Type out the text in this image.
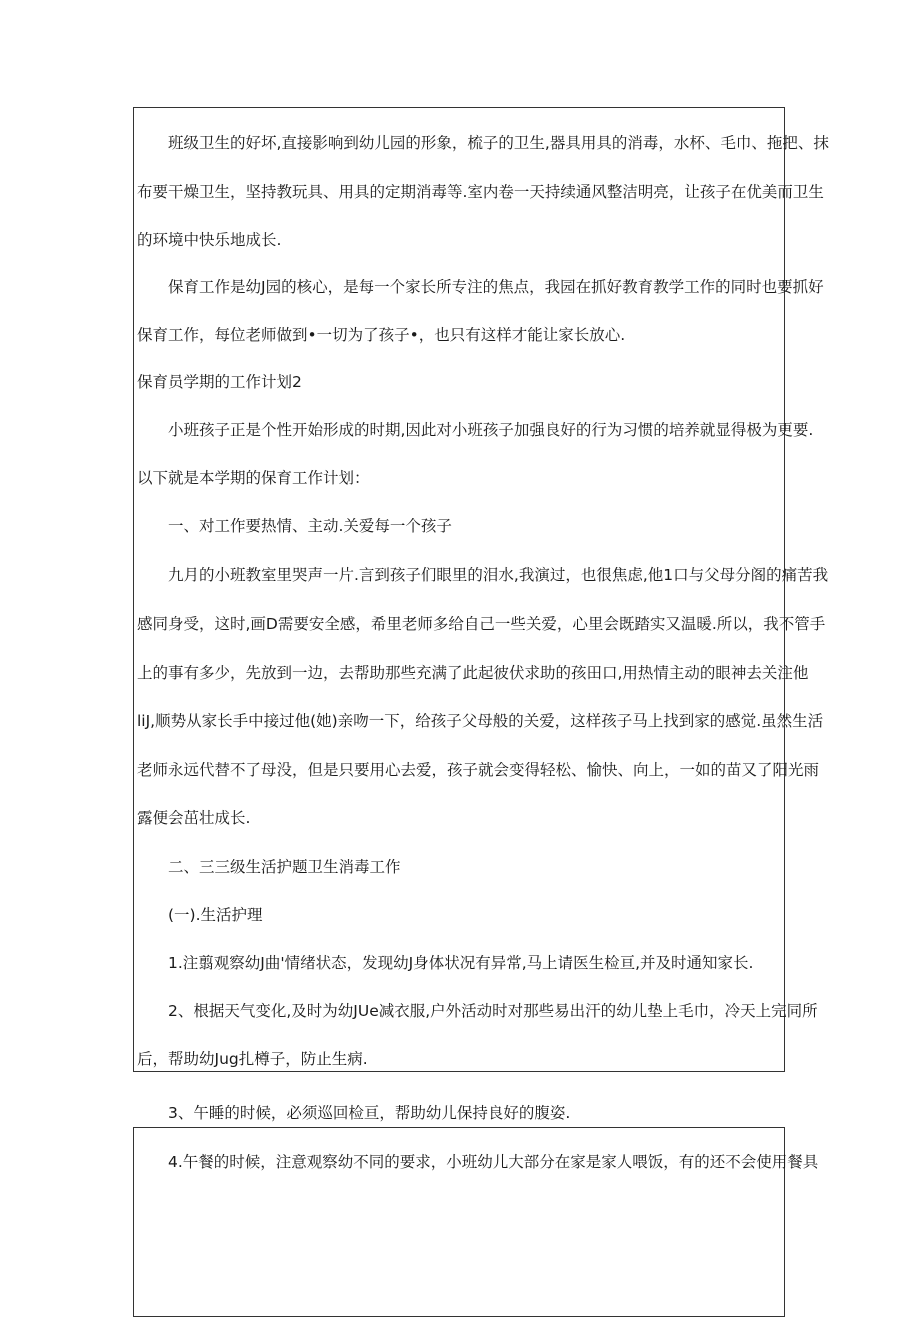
班级卫生的好坏,直接影响到幼儿园的形象，梳子的卫生,器具用具的消毒，水杯、毛巾、拖把、抹
布要干燥卫生，坚持教玩具、用具的定期消毒等.室内卷一天持续通风整洁明亮，让孩子在优美而卫生
的环境中快乐地成长.
保育工作是幼J园的核心，是每一个家长所专注的焦点，我园在抓好教育教学工作的同时也要抓好
保育工作，每位老师做到•一切为了孩子•，也只有这样才能让家长放心.
保育员学期的工作计划2
小班孩子正是个性开始形成的时期,因此对小班孩子加强良好的行为习惯的培养就显得极为更要.
以下就是本学期的保育工作计划：
一、对工作要热情、主动.关爱每一个孩子
九月的小班教室里哭声一片.言到孩子们眼里的泪水,我演过，也很焦虑,他1口与父母分阁的痛苦我
感同身受，这时,画D需要安全感，希里老师多给自己一些关爱，心里会既踏实又温暖.所以，我不管手
上的事有多少，先放到一边，去帮助那些充满了此起彼伏求助的孩田口,用热情主动的眼神去关注他
liJ,顺势从家长手中接过他(她)亲吻一下，给孩子父母般的关爱，这样孩子马上找到家的感觉.虽然生活
老师永远代替不了母没，但是只要用心去爱，孩子就会变得轻松、愉快、向上，一如的苗又了阳光雨
露便会茁壮成长.
二、三三级生活护题卫生消毒工作
(一).生活护理
1.注翦观察幼J曲'情绪状态，发现幼J身体状况有异常,马上请医生检亘,并及时通知家长.
2、根据天气变化,及时为幼JUe减衣服,户外活动时对那些易出汗的幼儿垫上毛巾，冷天上完同所
后，帮助幼Jug扎樽子，防止生病.
3、午睡的时候，必须巡回检亘，帮助幼儿保持良好的腹姿.
4.午餐的时候，注意观察幼不同的要求，小班幼儿大部分在家是家人喂饭，有的还不会使用餐具
